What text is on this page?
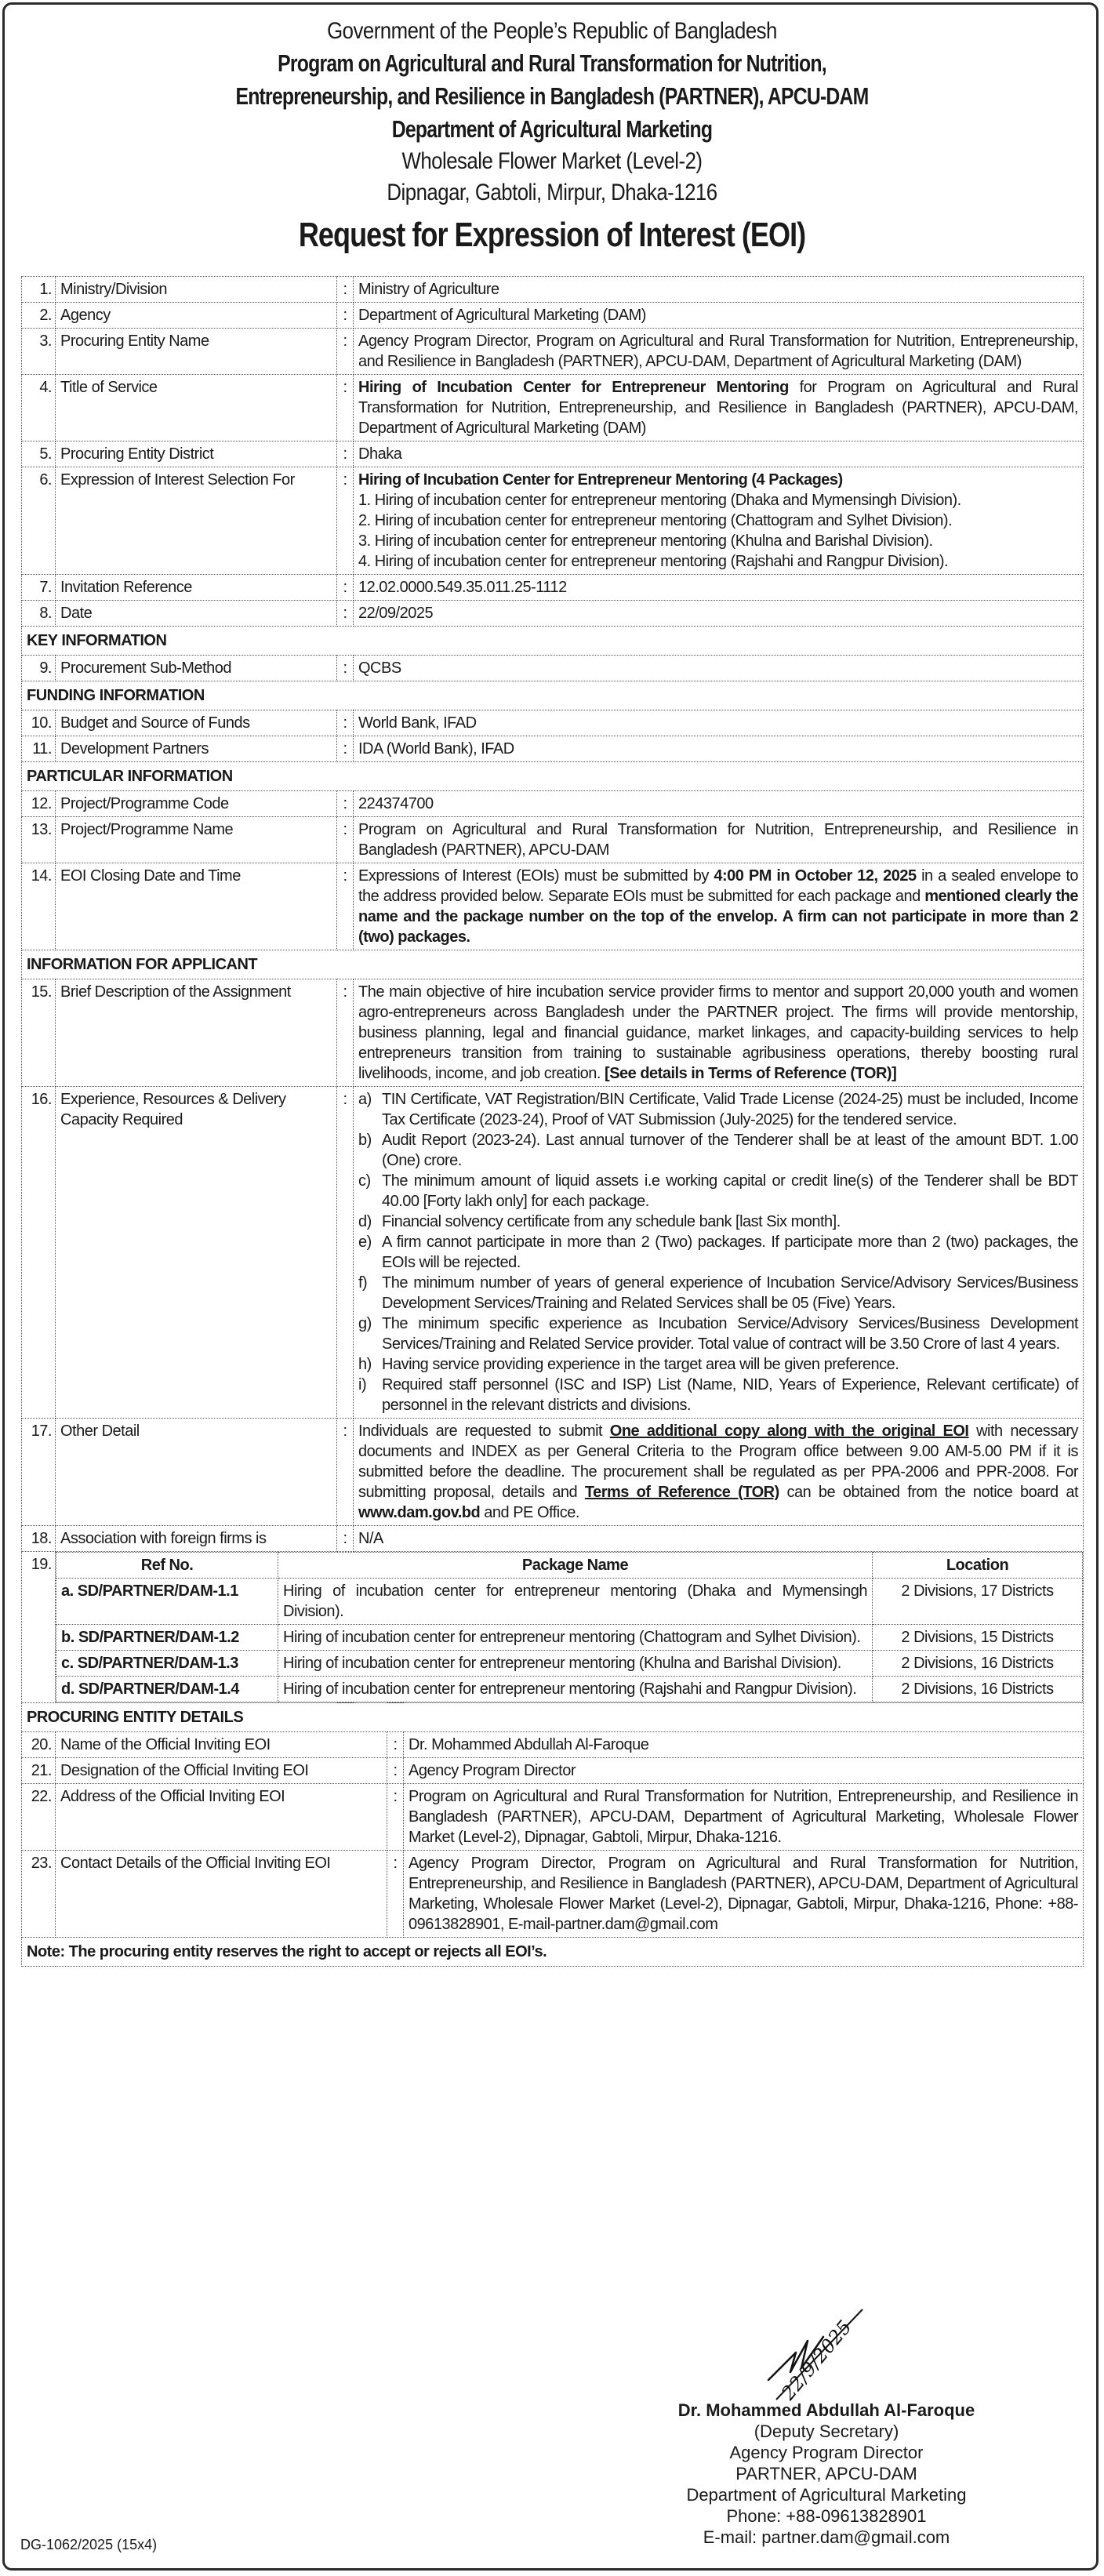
Government of the People’s Republic of Bangladesh
Program on Agricultural and Rural Transformation for Nutrition,
Entrepreneurship, and Resilience in Bangladesh (PARTNER), APCU-DAM
Department of Agricultural Marketing
Wholesale Flower Market (Level-2)
Dipnagar, Gabtoli, Mirpur, Dhaka-1216
Request for Expression of Interest (EOI)
1.	Ministry/Division	:	Ministry of Agriculture
2.	Agency	:	Department of Agricultural Marketing (DAM)
3.	Procuring Entity Name	:	Agency Program Director, Program on Agricultural and Rural Transformation for Nutrition, Entrepreneurship, and Resilience in Bangladesh (PARTNER), APCU-DAM, Department of Agricultural Marketing (DAM)
4.	Title of Service	:	Hiring of Incubation Center for Entrepreneur Mentoring for Program on Agricultural and Rural Transformation for Nutrition, Entrepreneurship, and Resilience in Bangladesh (PARTNER), APCU-DAM, Department of Agricultural Marketing (DAM)
5.	Procuring Entity District	:	Dhaka
6.	Expression of Interest Selection For	:	Hiring of Incubation Center for Entrepreneur Mentoring (4 Packages)
1. Hiring of incubation center for entrepreneur mentoring (Dhaka and Mymensingh Division).
2. Hiring of incubation center for entrepreneur mentoring (Chattogram and Sylhet Division).
3. Hiring of incubation center for entrepreneur mentoring (Khulna and Barishal Division).
4. Hiring of incubation center for entrepreneur mentoring (Rajshahi and Rangpur Division).

7.	Invitation Reference	:	12.02.0000.549.35.011.25-1112
8.	Date	:	22/09/2025
KEY INFORMATION
9.	Procurement Sub-Method	:	QCBS
FUNDING INFORMATION
10.	Budget and Source of Funds	:	World Bank, IFAD
11.	Development Partners	:	IDA (World Bank), IFAD
PARTICULAR INFORMATION
12.	Project/Programme Code	:	224374700
13.	Project/Programme Name	:	Program on Agricultural and Rural Transformation for Nutrition, Entrepreneurship, and Resilience in Bangladesh (PARTNER), APCU-DAM
14.	EOI Closing Date and Time	:	Expressions of Interest (EOIs) must be submitted by 4:00 PM in October 12, 2025 in a sealed envelope to the address provided below. Separate EOIs must be submitted for each package and mentioned clearly the name and the package number on the top of the envelop. A firm can not participate in more than 2 (two) packages.
INFORMATION FOR APPLICANT
15.	Brief Description of the Assignment	:	The main objective of hire incubation service provider firms to mentor and support 20,000 youth and women agro-entrepreneurs across Bangladesh under the PARTNER project. The firms will provide mentorship, business planning, legal and financial guidance, market linkages, and capacity-building services to help entrepreneurs transition from training to sustainable agribusiness operations, thereby boosting rural livelihoods, income, and job creation. [See details in Terms of Reference (TOR)]
16.	Experience, Resources & Delivery Capacity Required	:	a) TIN Certificate, VAT Registration/BIN Certificate, Valid Trade License (2024-25) must be included, Income Tax Certificate (2023-24), Proof of VAT Submission (July-2025) for the tendered service.
b) Audit Report (2023-24). Last annual turnover of the Tenderer shall be at least of the amount BDT. 1.00 (One) crore.
c) The minimum amount of liquid assets i.e working capital or credit line(s) of the Tenderer shall be BDT 40.00 [Forty lakh only] for each package.
d) Financial solvency certificate from any schedule bank [last Six month].
e) A firm cannot participate in more than 2 (Two) packages. If participate more than 2 (two) packages, the EOIs will be rejected.
f) The minimum number of years of general experience of Incubation Service/Advisory Services/Business Development Services/Training and Related Services shall be 05 (Five) Years.
g) The minimum specific experience as Incubation Service/Advisory Services/Business Development Services/Training and Related Service provider. Total value of contract will be 3.50 Crore of last 4 years.
h) Having service providing experience in the target area will be given preference.
i) Required staff personnel (ISC and ISP) List (Name, NID, Years of Experience, Relevant certificate) of personnel in the relevant districts and divisions.

17.	Other Detail	:	Individuals are requested to submit One additional copy along with the original EOI with necessary documents and INDEX as per General Criteria to the Program office between 9.00 AM-5.00 PM if it is submitted before the deadline. The procurement shall be regulated as per PPA-2006 and PPR-2008. For submitting proposal, details and Terms of Reference (TOR) can be obtained from the notice board at www.dam.gov.bd and PE Office.
18.	Association with foreign firms is	:	N/A
19.		Ref No.	Package Name	Location
a. SD/PARTNER/DAM-1.1	Hiring of incubation center for entrepreneur mentoring (Dhaka and Mymensingh Division).	2 Divisions, 17 Districts
b. SD/PARTNER/DAM-1.2	Hiring of incubation center for entrepreneur mentoring (Chattogram and Sylhet Division).	2 Divisions, 15 Districts
c. SD/PARTNER/DAM-1.3	Hiring of incubation center for entrepreneur mentoring (Khulna and Barishal Division).	2 Divisions, 16 Districts
d. SD/PARTNER/DAM-1.4	Hiring of incubation center for entrepreneur mentoring (Rajshahi and Rangpur Division).	2 Divisions, 16 Districts
PROCURING ENTITY DETAILS			
20.	Name of the Official Inviting EOI	:	Dr. Mohammed Abdullah Al-Faroque
21.	Designation of the Official Inviting EOI	:	Agency Program Director
22.	Address of the Official Inviting EOI	:	Program on Agricultural and Rural Transformation for Nutrition, Entrepreneurship, and Resilience in Bangladesh (PARTNER), APCU-DAM, Department of Agricultural Marketing, Wholesale Flower Market (Level-2), Dipnagar, Gabtoli, Mirpur, Dhaka-1216.
23.	Contact Details of the Official Inviting EOI	:	Agency Program Director, Program on Agricultural and Rural Transformation for Nutrition, Entrepreneurship, and Resilience in Bangladesh (PARTNER), APCU-DAM, Department of Agricultural Marketing, Wholesale Flower Market (Level-2), Dipnagar, Gabtoli, Mirpur, Dhaka-1216, Phone: +88-09613828901, E-mail-partner.dam@gmail.com
Note: The procuring entity reserves the right to accept or rejects all EOI’s.			
22/9/2025
Dr. Mohammed Abdullah Al-Faroque
(Deputy Secretary)
Agency Program Director
PARTNER, APCU-DAM
Department of Agricultural Marketing
Phone: +88-09613828901
E-mail: partner.dam@gmail.com
DG-1062/2025 (15x4)
